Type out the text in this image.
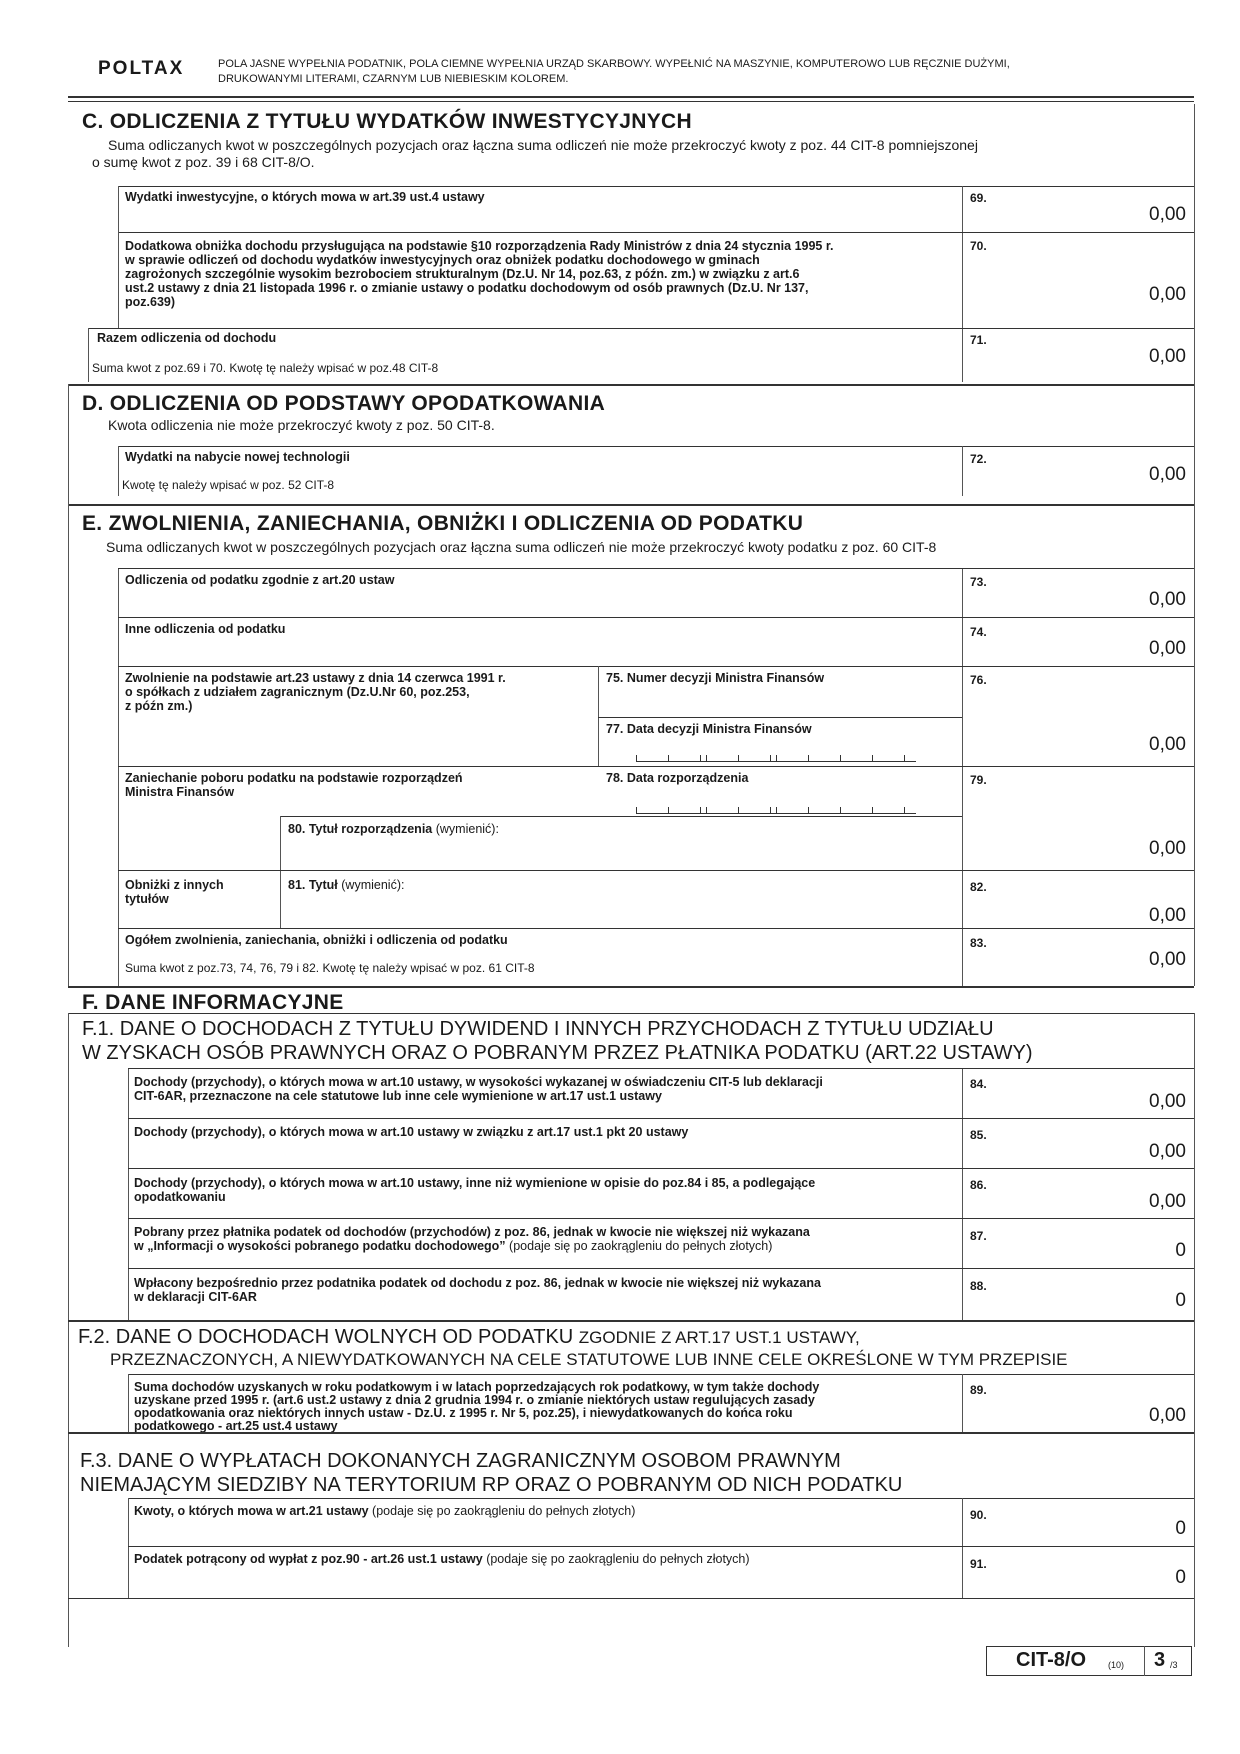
POLTAX	POLA JASNE WYPEŁNIA PODATNIK, POLA CIEMNE WYPEŁNIA URZĄD SKARBOWY. WYPEŁNIĆ NA MASZYNIE, KOMPUTEROWO LUB RĘCZNIE DUŻYMI,
DRUKOWANYMI LITERAMI, CZARNYM LUB NIEBIESKIM KOLOREM.
C. ODLICZENIA Z TYTUŁU WYDATKÓW INWESTYCYJNYCH
Suma odliczanych kwot w poszczególnych pozycjach oraz łączna suma odliczeń nie może przekroczyć kwoty z poz. 44 CIT-8 pomniejszonej
o sumę kwot z poz. 39 i 68 CIT-8/O.
Wydatki inwestycyjne, o których mowa w art.39 ust.4 ustawy	69.
0,00
Dodatkowa obniżka dochodu przysługująca na podstawie §10 rozporządzenia Rady Ministrów z dnia 24 stycznia 1995 r.
w sprawie odliczeń od dochodu wydatków inwestycyjnych oraz obniżek podatku dochodowego w gminach
zagrożonych szczególnie wysokim bezrobociem strukturalnym (Dz.U. Nr 14, poz.63, z późn. zm.) w związku z art.6
ust.2 ustawy z dnia 21 listopada 1996 r. o zmianie ustawy o podatku dochodowym od osób prawnych (Dz.U. Nr 137,
poz.639)
70.
0,00
Razem odliczenia od dochodu
Suma kwot z poz.69 i 70. Kwotę tę należy wpisać w poz.48 CIT-8
71.
0,00
D. ODLICZENIA OD PODSTAWY OPODATKOWANIA
Kwota odliczenia nie może przekroczyć kwoty z poz. 50 CIT-8.
Wydatki na nabycie nowej technologii
Kwotę tę należy wpisać w poz. 52 CIT-8
72.
0,00
E. ZWOLNIENIA, ZANIECHANIA, OBNIŻKI I ODLICZENIA OD PODATKU
Suma odliczanych kwot w poszczególnych pozycjach oraz łączna suma odliczeń nie może przekroczyć kwoty podatku z poz. 60 CIT-8
Odliczenia od podatku zgodnie z art.20 ustaw	73.
0,00
Inne odliczenia od podatku	74.
0,00
Zwolnienie na podstawie art.23 ustawy z dnia 14 czerwca 1991 r.
o spółkach z udziałem zagranicznym (Dz.U.Nr 60, poz.253,
z późn zm.)
75. Numer decyzji Ministra Finansów
77. Data decyzji Ministra Finansów
76.
0,00
Zaniechanie poboru podatku na podstawie rozporządzeń
Ministra Finansów
78. Data rozporządzenia
80. Tytuł rozporządzenia (wymienić):
79.
0,00
Obniżki z innych
tytułów
81. Tytuł (wymienić):	82.
0,00
Ogółem zwolnienia, zaniechania, obniżki i odliczenia od podatku
Suma kwot z poz.73, 74, 76, 79 i 82. Kwotę tę należy wpisać w poz. 61 CIT-8
83.
0,00
F. DANE INFORMACYJNE
F.1. DANE O DOCHODACH Z TYTUŁU DYWIDEND I INNYCH PRZYCHODACH Z TYTUŁU UDZIAŁU
W ZYSKACH OSÓB PRAWNYCH ORAZ O POBRANYM PRZEZ PŁATNIKA PODATKU (ART.22 USTAWY)
Dochody (przychody), o których mowa w art.10 ustawy, w wysokości wykazanej w oświadczeniu CIT-5 lub deklaracji
CIT-6AR, przeznaczone na cele statutowe lub inne cele wymienione w art.17 ust.1 ustawy
84.
0,00
Dochody (przychody), o których mowa w art.10 ustawy w związku z art.17 ust.1 pkt 20 ustawy	85.
0,00
Dochody (przychody), o których mowa w art.10 ustawy, inne niż wymienione w opisie do poz.84 i 85, a podlegające
opodatkowaniu
86.
0,00
Pobrany przez płatnika podatek od dochodów (przychodów) z poz. 86, jednak w kwocie nie większej niż wykazana
w „Informacji o wysokości pobranego podatku dochodowego” (podaje się po zaokrągleniu do pełnych złotych)
87.
0
Wpłacony bezpośrednio przez podatnika podatek od dochodu z poz. 86, jednak w kwocie nie większej niż wykazana
w deklaracji CIT-6AR
88.
0
F.2. DANE O DOCHODACH WOLNYCH OD PODATKU ZGODNIE Z ART.17 UST.1 USTAWY,
PRZEZNACZONYCH, A NIEWYDATKOWANYCH NA CELE STATUTOWE LUB INNE CELE OKREŚLONE W TYM PRZEPISIE
Suma dochodów uzyskanych w roku podatkowym i w latach poprzedzających rok podatkowy, w tym także dochody
uzyskane przed 1995 r. (art.6 ust.2 ustawy z dnia 2 grudnia 1994 r. o zmianie niektórych ustaw regulujących zasady
opodatkowania oraz niektórych innych ustaw - Dz.U. z 1995 r. Nr 5, poz.25), i niewydatkowanych do końca roku
podatkowego - art.25 ust.4 ustawy
89.
0,00
F.3. DANE O WYPŁATACH DOKONANYCH ZAGRANICZNYM OSOBOM PRAWNYM
NIEMAJĄCYM SIEDZIBY NA TERYTORIUM RP ORAZ O POBRANYM OD NICH PODATKU
Kwoty, o których mowa w art.21 ustawy (podaje się po zaokrągleniu do pełnych złotych)	90.
0
Podatek potrącony od wypłat z poz.90 - art.26 ust.1 ustawy (podaje się po zaokrągleniu do pełnych złotych)	91.
0
CIT-8/O (10) 3 /3
